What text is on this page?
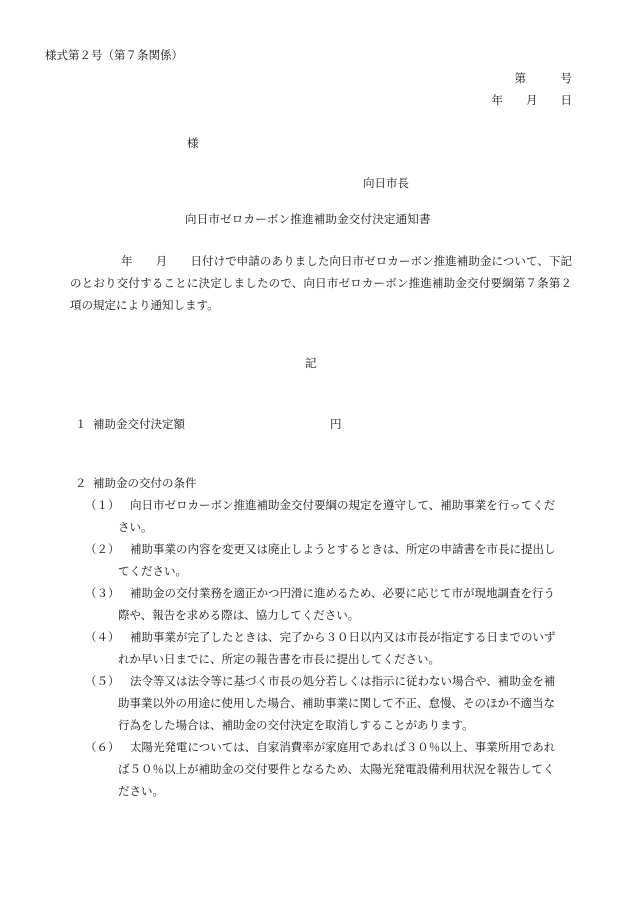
様式第２号（第７条関係）
第　　　号
年　　月　　日
様
向日市長
向日市ゼロカーボン推進補助金交付決定通知書

年　　月　　日付けで申請のありました向日市ゼロカーボン推進補助金について、下記のとおり交付することに決定しましたので、向日市ゼロカーボン推進補助金交付要綱第７条第２項の規定により通知します。

記
１ 補助金交付決定額	円
２ 補助金の交付の条件
（１） 向日市ゼロカーボン推進補助金交付要綱の規定を遵守して、補助事業を行ってください。
（２） 補助事業の内容を変更又は廃止しようとするときは、所定の申請書を市長に提出してください。
（３） 補助金の交付業務を適正かつ円滑に進めるため、必要に応じて市が現地調査を行う際や、報告を求める際は、協力してください。
（４） 補助事業が完了したときは、完了から３０日以内又は市長が指定する日までのいずれか早い日までに、所定の報告書を市長に提出してください。
（５） 法令等又は法令等に基づく市長の処分若しくは指示に従わない場合や、補助金を補助事業以外の用途に使用した場合、補助事業に関して不正、怠慢、そのほか不適当な行為をした場合は、補助金の交付決定を取消しすることがあります。
（６） 太陽光発電については、自家消費率が家庭用であれば３０％以上、事業所用であれば５０％以上が補助金の交付要件となるため、太陽光発電設備利用状況を報告してください。
